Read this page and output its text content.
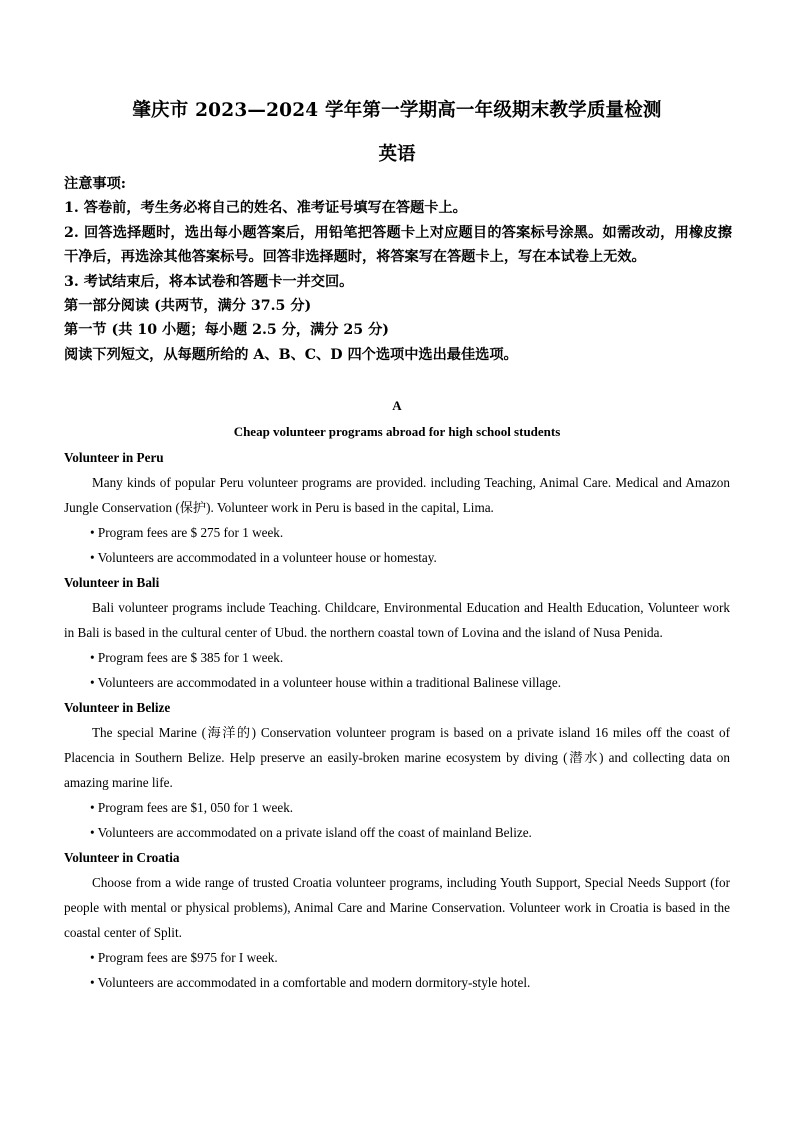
肇庆市 2023—2024 学年第一学期高一年级期末教学质量检测
英语

注意事项:

1. 答卷前，考生务必将自己的姓名、准考证号填写在答题卡上。

2. 回答选择题时，选出每小题答案后，用铅笔把答题卡上对应题目的答案标号涂黑。如需改动，用橡皮擦干净后，再选涂其他答案标号。回答非选择题时，将答案写在答题卡上，写在本试卷上无效。

3. 考试结束后，将本试卷和答题卡一并交回。

第一部分阅读 (共两节，满分 37.5 分)

第一节 (共 10 小题；每小题 2.5 分，满分 25 分)

阅读下列短文，从每题所给的 A、B、C、D 四个选项中选出最佳选项。

A
Cheap volunteer programs abroad for high school students

Volunteer in Peru

Many kinds of popular Peru volunteer programs are provided. including Teaching, Animal Care. Medical and Amazon Jungle Conservation (保护). Volunteer work in Peru is based in the capital, Lima.

• Program fees are $ 275 for 1 week.

• Volunteers are accommodated in a volunteer house or homestay.

Volunteer in Bali

Bali volunteer programs include Teaching. Childcare, Environmental Education and Health Education, Volunteer work in Bali is based in the cultural center of Ubud. the northern coastal town of Lovina and the island of Nusa Penida.

• Program fees are $ 385 for 1 week.

• Volunteers are accommodated in a volunteer house within a traditional Balinese village.

Volunteer in Belize

The special Marine (海洋的) Conservation volunteer program is based on a private island 16 miles off the coast of Placencia in Southern Belize. Help preserve an easily-broken marine ecosystem by diving (潜水) and collecting data on amazing marine life.

• Program fees are $1, 050 for 1 week.

• Volunteers are accommodated on a private island off the coast of mainland Belize.

Volunteer in Croatia

Choose from a wide range of trusted Croatia volunteer programs, including Youth Support, Special Needs Support (for people with mental or physical problems), Animal Care and Marine Conservation. Volunteer work in Croatia is based in the coastal center of Split.

• Program fees are $975 for I week.

• Volunteers are accommodated in a comfortable and modern dormitory-style hotel.
